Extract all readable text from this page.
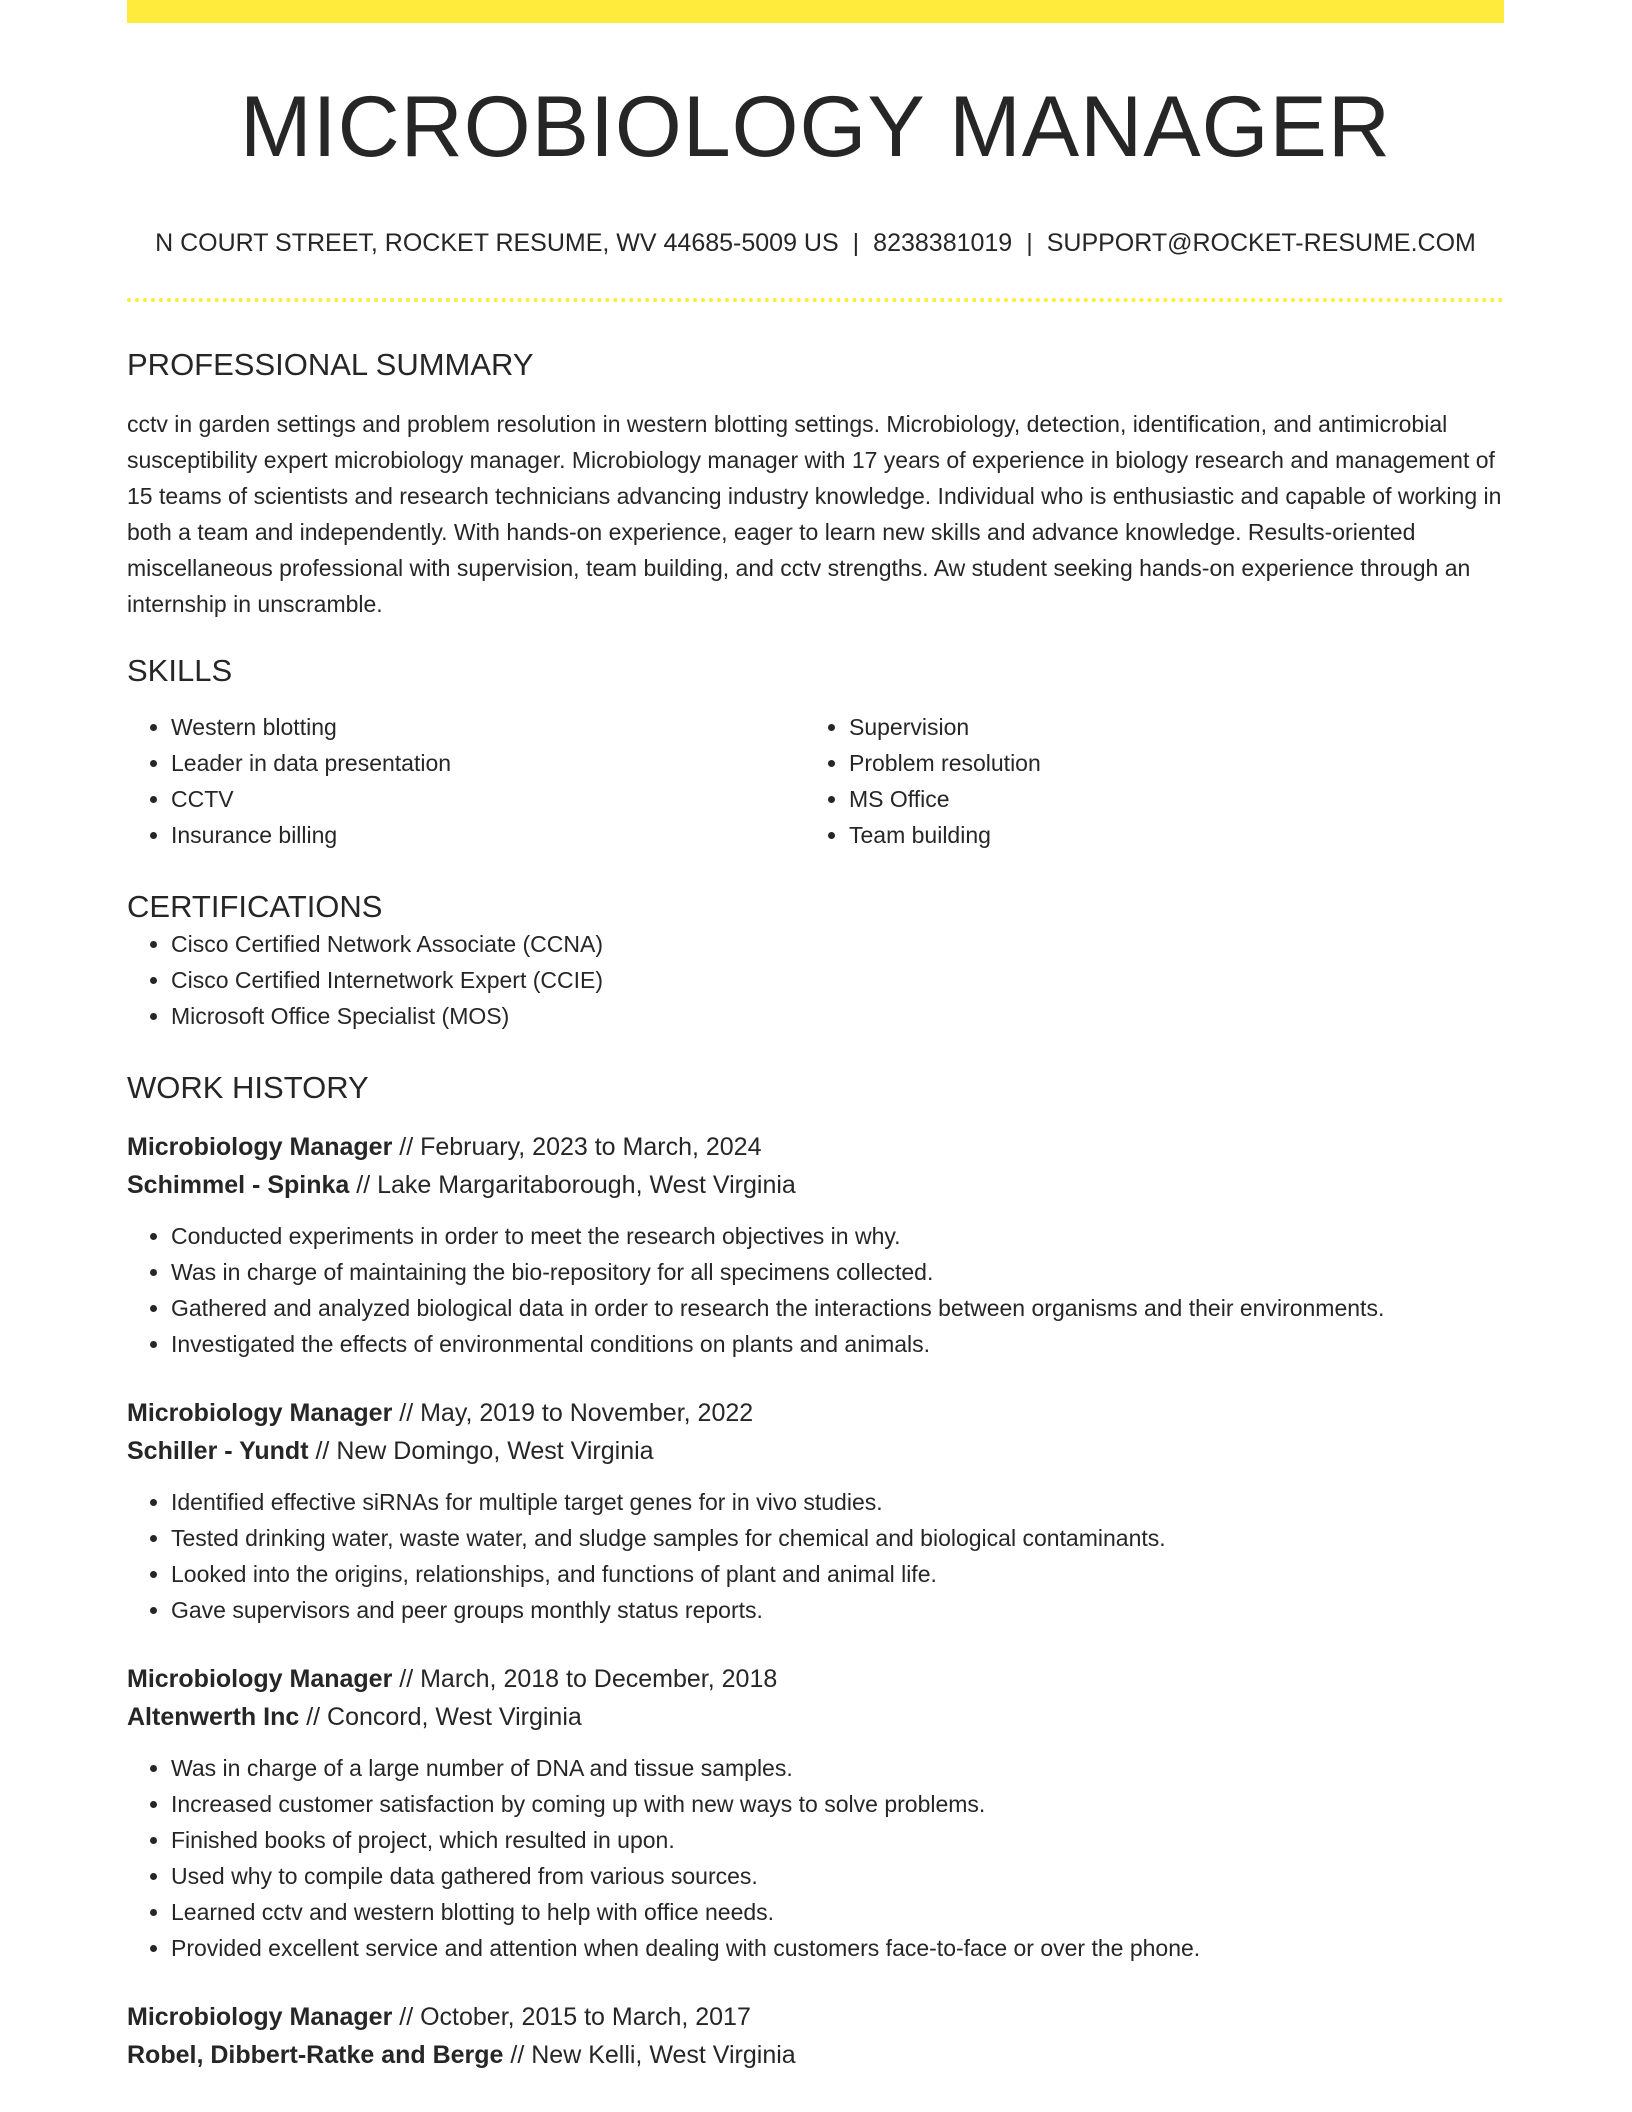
MICROBIOLOGY MANAGER
N COURT STREET, ROCKET RESUME, WV 44685-5009 US | 8238381019 | SUPPORT@ROCKET-RESUME.COM
PROFESSIONAL SUMMARY
cctv in garden settings and problem resolution in western blotting settings. Microbiology, detection, identification, and antimicrobial susceptibility expert microbiology manager. Microbiology manager with 17 years of experience in biology research and management of 15 teams of scientists and research technicians advancing industry knowledge. Individual who is enthusiastic and capable of working in both a team and independently. With hands-on experience, eager to learn new skills and advance knowledge. Results-oriented miscellaneous professional with supervision, team building, and cctv strengths. Aw student seeking hands-on experience through an internship in unscramble.
SKILLS
• Western blotting
• Leader in data presentation
• CCTV
• Insurance billing
• Supervision
• Problem resolution
• MS Office
• Team building
CERTIFICATIONS
• Cisco Certified Network Associate (CCNA)
• Cisco Certified Internetwork Expert (CCIE)
• Microsoft Office Specialist (MOS)
WORK HISTORY
Microbiology Manager // February, 2023 to March, 2024
Schimmel - Spinka // Lake Margaritaborough, West Virginia
• Conducted experiments in order to meet the research objectives in why.
• Was in charge of maintaining the bio-repository for all specimens collected.
• Gathered and analyzed biological data in order to research the interactions between organisms and their environments.
• Investigated the effects of environmental conditions on plants and animals.
Microbiology Manager // May, 2019 to November, 2022
Schiller - Yundt // New Domingo, West Virginia
• Identified effective siRNAs for multiple target genes for in vivo studies.
• Tested drinking water, waste water, and sludge samples for chemical and biological contaminants.
• Looked into the origins, relationships, and functions of plant and animal life.
• Gave supervisors and peer groups monthly status reports.
Microbiology Manager // March, 2018 to December, 2018
Altenwerth Inc // Concord, West Virginia
• Was in charge of a large number of DNA and tissue samples.
• Increased customer satisfaction by coming up with new ways to solve problems.
• Finished books of project, which resulted in upon.
• Used why to compile data gathered from various sources.
• Learned cctv and western blotting to help with office needs.
• Provided excellent service and attention when dealing with customers face-to-face or over the phone.
Microbiology Manager // October, 2015 to March, 2017
Robel, Dibbert-Ratke and Berge // New Kelli, West Virginia
